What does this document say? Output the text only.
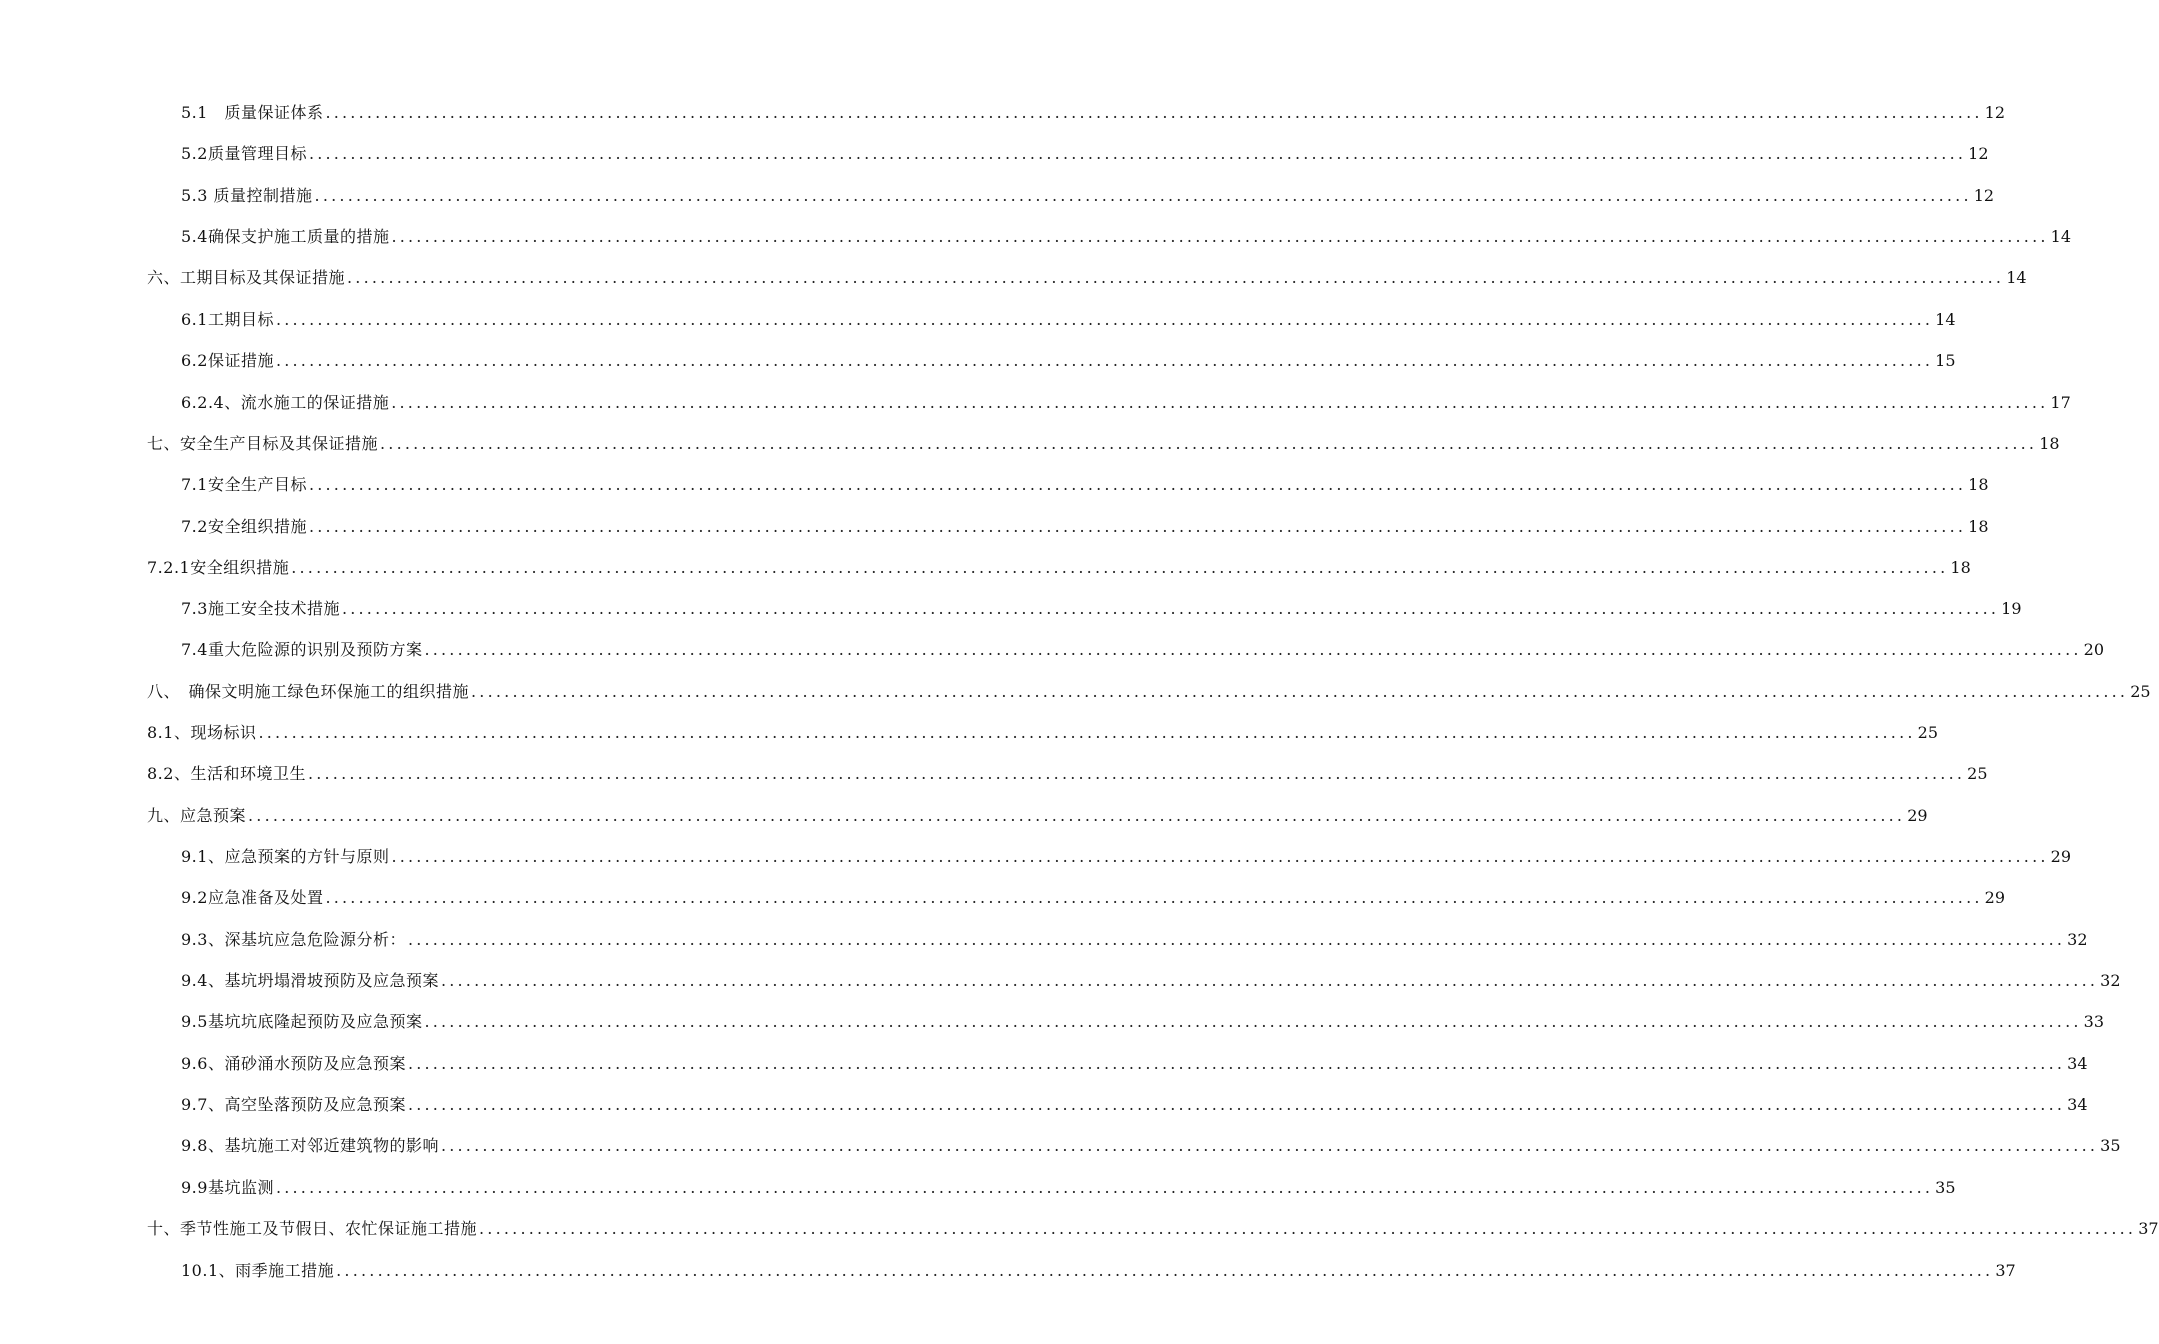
5.1　质量保证体系 ........................................................................................................................................................................................................ 12
5.2质量管理目标 ........................................................................................................................................................................................................ 12
5.3 质量控制措施 ........................................................................................................................................................................................................ 12
5.4确保支护施工质量的措施 ........................................................................................................................................................................................................ 14
六、工期目标及其保证措施 ........................................................................................................................................................................................................ 14
6.1工期目标 ........................................................................................................................................................................................................ 14
6.2保证措施 ........................................................................................................................................................................................................ 15
6.2.4、流水施工的保证措施 ........................................................................................................................................................................................................ 17
七、安全生产目标及其保证措施 ........................................................................................................................................................................................................ 18
7.1安全生产目标 ........................................................................................................................................................................................................ 18
7.2安全组织措施 ........................................................................................................................................................................................................ 18
7.2.1安全组织措施 ........................................................................................................................................................................................................ 18
7.3施工安全技术措施 ........................................................................................................................................................................................................ 19
7.4重大危险源的识别及预防方案 ........................................................................................................................................................................................................ 20
八、　确保文明施工绿色环保施工的组织措施 ........................................................................................................................................................................................................ 25
8.1、现场标识 ........................................................................................................................................................................................................ 25
8.2、生活和环境卫生 ........................................................................................................................................................................................................ 25
九、应急预案 ........................................................................................................................................................................................................ 29
9.1、应急预案的方针与原则 ........................................................................................................................................................................................................ 29
9.2应急准备及处置 ........................................................................................................................................................................................................ 29
9.3、深基坑应急危险源分析： ........................................................................................................................................................................................................ 32
9.4、基坑坍塌滑坡预防及应急预案 ........................................................................................................................................................................................................ 32
9.5基坑坑底隆起预防及应急预案 ........................................................................................................................................................................................................ 33
9.6、涌砂涌水预防及应急预案 ........................................................................................................................................................................................................ 34
9.7、高空坠落预防及应急预案 ........................................................................................................................................................................................................ 34
9.8、基坑施工对邻近建筑物的影响 ........................................................................................................................................................................................................ 35
9.9基坑监测 ........................................................................................................................................................................................................ 35
十、季节性施工及节假日、农忙保证施工措施 ........................................................................................................................................................................................................ 37
10.1、雨季施工措施 ........................................................................................................................................................................................................ 37
